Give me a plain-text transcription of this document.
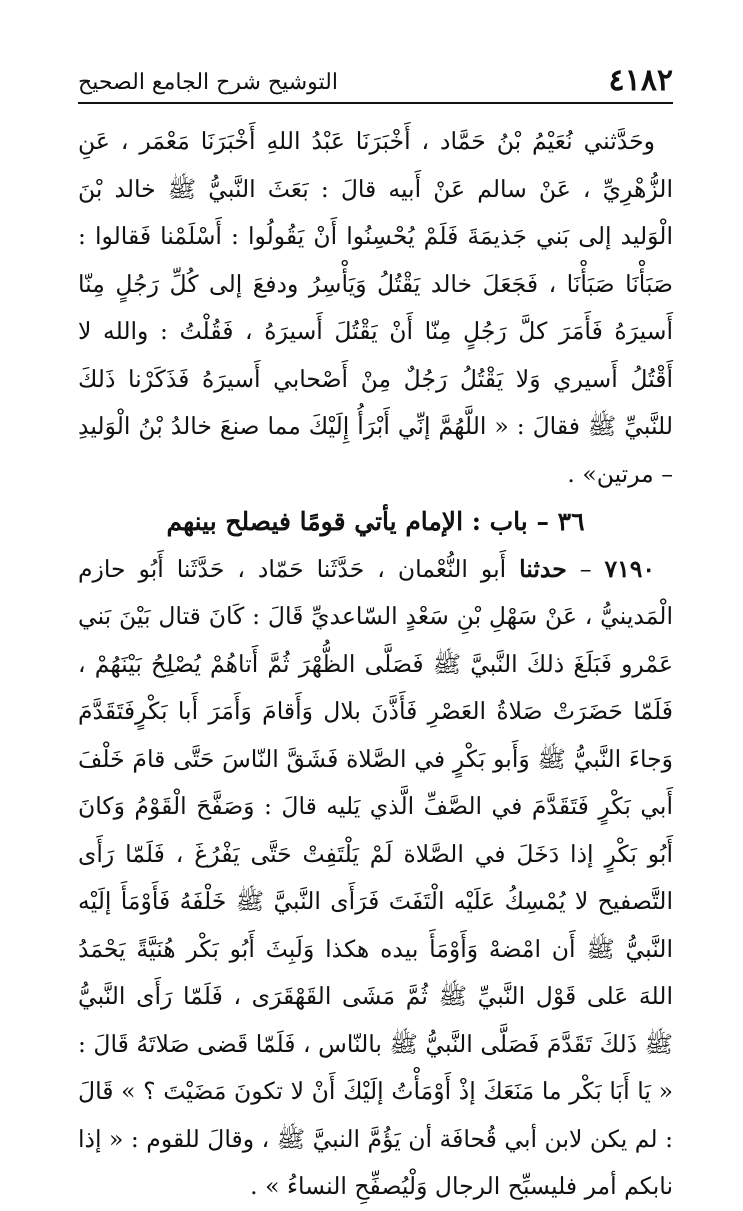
٤١٨٢
التوشيح شرح الجامع الصحيح

وحَدَّثني نُعَيْمُ بْنُ حَمَّاد ، أَخْبَرَنَا عَبْدُ اللهِ أَخْبَرَنَا مَعْمَر ، عَنِ الزُّهْرِيِّ ، عَنْ سالم عَنْ أَبيه قالَ : بَعَثَ النَّبيُّ ﷺ خالد بْنَ الْوَليد إلى بَني جَذيمَةَ فَلَمْ يُحْسِنُوا أَنْ يَقُولُوا : أَسْلَمْنا فَقالوا : صَبَأْنَا صَبَأْنَا ، فَجَعَلَ خالد يَقْتُلُ وَيَأْسِرُ ودفعَ إلى كُلِّ رَجُلٍ مِنّا أَسيرَهُ فَأَمَرَ كلَّ رَجُلٍ مِنّا أَنْ يَقْتُلَ أَسيرَهُ ، فَقُلْتُ : والله لا أَقْتُلُ أَسيري وَلا يَقْتُلُ رَجُلٌ مِنْ أَصْحابي أَسيرَهُ فَذَكَرْنا ذَلكَ للنَّبيِّ ﷺ فقالَ : « اللَّهُمَّ إنِّي أَبْرَأُ إِلَيْكَ مما صنعَ خالدُ بْنُ الْوَليدِ – مرتين» .

٣٦ – باب : الإمام يأتي قومًا فيصلح بينهم

٧١٩٠ – حدثنا أَبو النُّعْمان ، حَدَّثَنا حَمّاد ، حَدَّثَنا أَبُو حازم الْمَدينيُّ ، عَنْ سَهْلِ بْنِ سَعْدٍ السّاعديِّ قَالَ : كَانَ قتال بَيْنَ بَني عَمْرو فَبَلَغَ ذلكَ النَّبيَّ ﷺ فَصَلَّى الظُّهْرَ ثُمَّ أَتاهُمْ يُصْلِحُ بَيْنَهُمْ ، فَلَمّا حَضَرَتْ صَلاةُ العَصْرِ فَأَذَّنَ بلال وَأَقامَ وَأَمَرَ أَبا بَكْرٍفَتَقَدَّمَ وَجاءَ النَّبيُّ ﷺ وَأَبو بَكْرٍ في الصَّلاة فَشَقَّ النّاسَ حَتَّى قامَ خَلْفَ أَبي بَكْرٍ فَتَقَدَّمَ في الصَّفِّ الَّذي يَليه قالَ : وَصَفَّحَ الْقَوْمُ وَكانَ أَبُو بَكْرٍ إذا دَخَلَ في الصَّلاة لَمْ يَلْتَفِتْ حَتَّى يَفْرُغَ ، فَلَمّا رَأَى التَّصفيح لا يُمْسِكُ عَلَيْه الْتَفَتَ فَرَأَى النَّبيَّ ﷺ خَلْفَهُ فَأَوْمَأَ إلَيْه النَّبيُّ ﷺ أَن امْضهْ وَأَوْمَأَ بيده هكذا وَلَبِثَ أَبُو بَكْر هُنَيَّةً يَحْمَدُ اللهَ عَلى قَوْل النَّبيِّ ﷺ ثُمَّ مَشَى القَهْقَرَى ، فَلَمّا رَأَى النَّبيُّ ﷺ ذَلكَ تَقَدَّمَ فَصَلَّى النَّبيُّ ﷺ بالنّاس ، فَلَمّا قَضى صَلاتَهُ قَالَ : « يَا أَبَا بَكْر ما مَنَعَكَ إذْ أَوْمَأْتُ إلَيْكَ أَنْ لا تكونَ مَضَيْتَ ؟ » قَالَ : لم يكن لابن أبي قُحافَة أن يَؤُمَّ النبيَّ ﷺ ، وقالَ للقوم : « إذا نابكم أمر فليسبِّح الرجال وَلْيُصفِّحِ النساءُ » .
